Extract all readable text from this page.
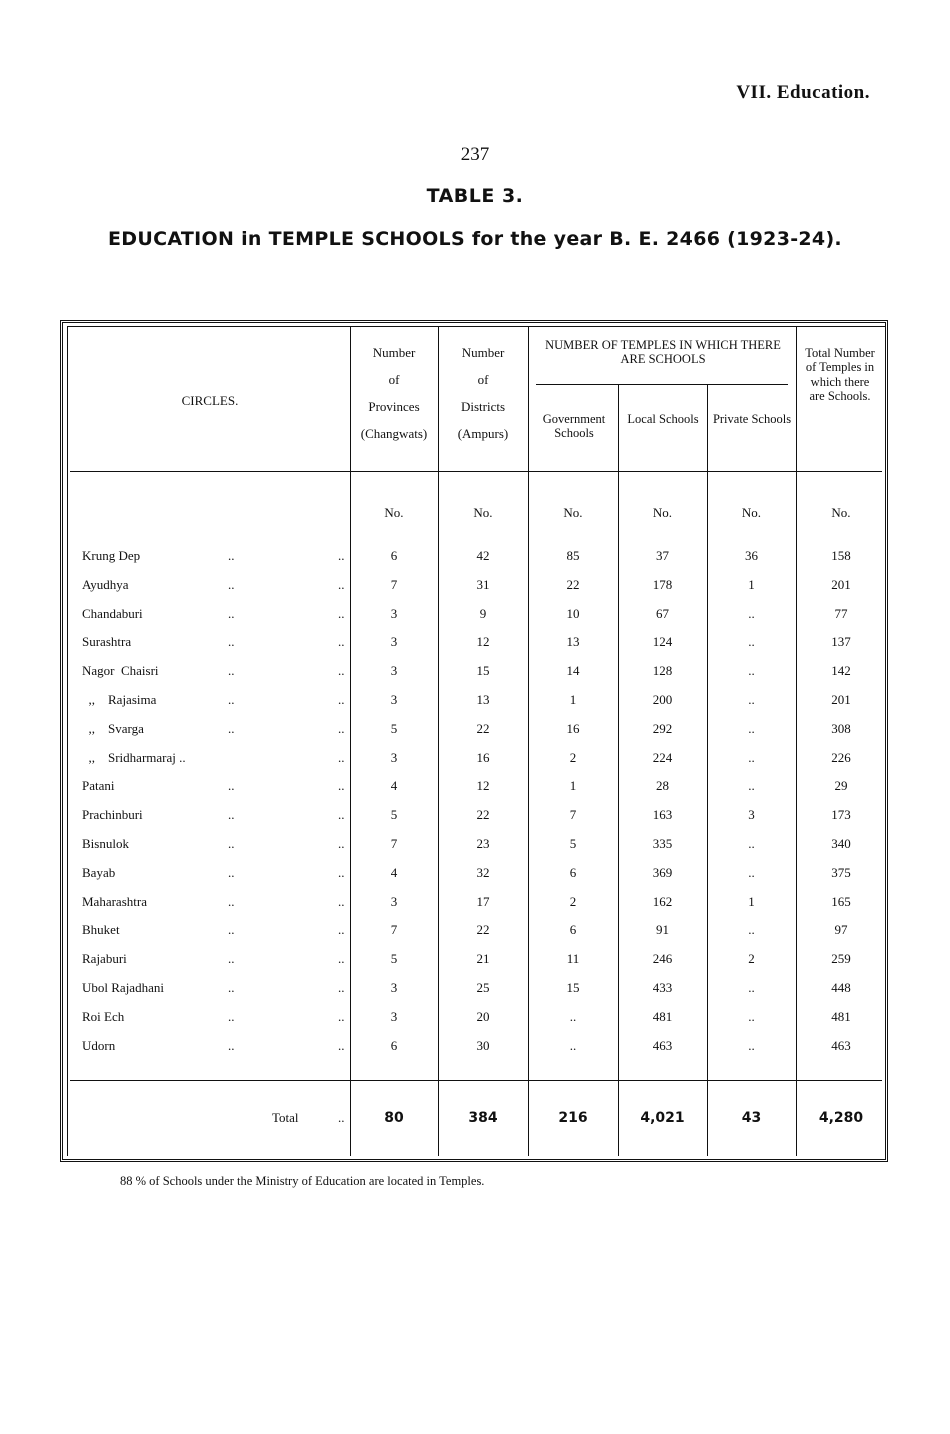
VII. Education.
237
TABLE 3.
EDUCATION in TEMPLE SCHOOLS for the year B. E. 2466 (1923-24).
CIRCLES.
Number
of
Provinces
(Changwats)
Number
of
Districts
(Ampurs)
NUMBER OF TEMPLES IN WHICH THERE ARE SCHOOLS
Government Schools
Local Schools	Private Schools
Total Number of Temples in which there are Schools.
No.	No.	No.	No.	No.	No.
Krung Dep	..	..	6	42	85	37	36	158
Ayudhya	..	..	7	31	22	178	1	201
Chandaburi	..	..	3	9	10	67	..	77
Surashtra	..	..	3	12	13	124	..	137
Nagor  Chaisri	..	..	3	15	14	128	..	142
,,    Rajasima	..	..	3	13	1	200	..	201
,,    Svarga	..	..	5	22	16	292	..	308
,,    Sridharmaraj ..	..	3	16	2	224	..	226
Patani	..	..	4	12	1	28	..	29
Prachinburi	..	..	5	22	7	163	3	173
Bisnulok	..	..	7	23	5	335	..	340
Bayab	..	..	4	32	6	369	..	375
Maharashtra	..	..	3	17	2	162	1	165
Bhuket	..	..	7	22	6	91	..	97
Rajaburi	..	..	5	21	11	246	2	259
Ubol Rajadhani	..	..	3	25	15	433	..	448
Roi Ech	..	..	3	20	..	481	..	481
Udorn	..	..	6	30	..	463	..	463
Total	..	80	384	216	4,021	43	4,280
88 % of Schools under the Ministry of Education are located in Temples.
